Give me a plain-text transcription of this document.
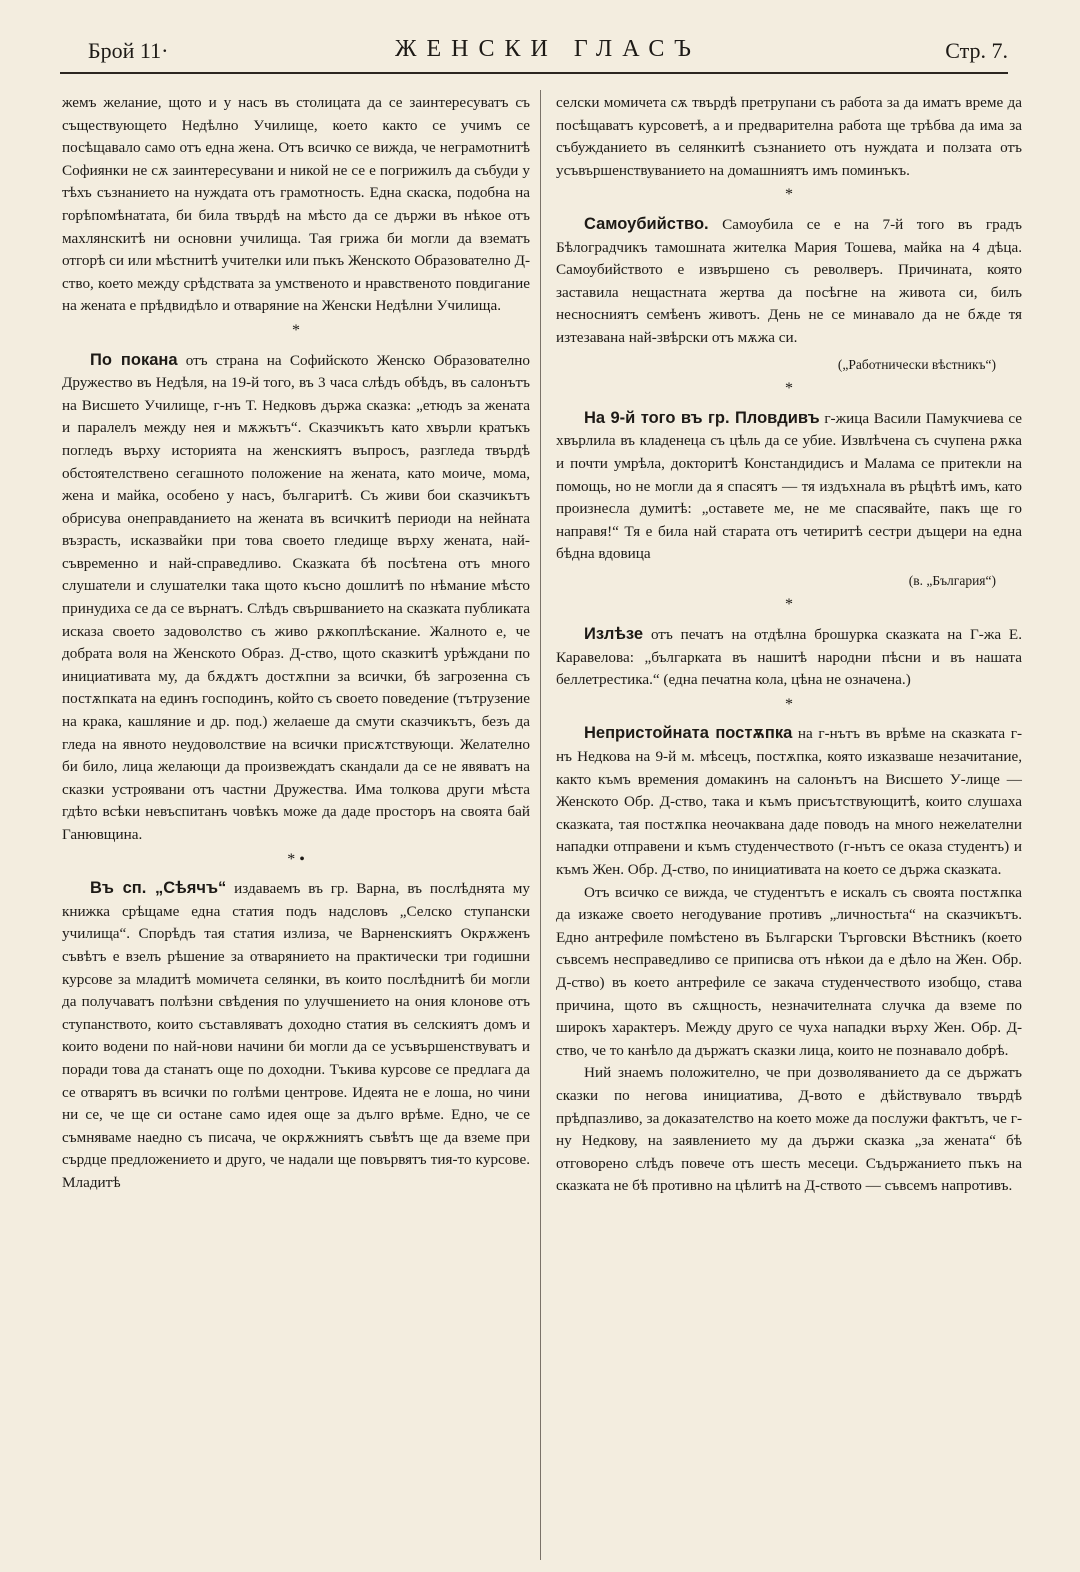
Брой 11·	ЖЕНСКИ ГЛАСЪ	Стр. 7.

жемъ желание, щото и у насъ въ столицата да се заинтересуватъ съ съществующето Недѣлно Училище, което както се учимъ се посѣщавало само отъ една жена. Отъ всичко се вижда, че неграмотнитѣ Софиянки не сѫ заинтересувани и никой не се е погрижилъ да събуди у тѣхъ съзнанието на нуждата отъ грамотность. Една скаска, подобна на горѣпомѣнатата, би била твърдѣ на мѣсто да се държи въ нѣкое отъ махлянскитѣ ни основни училища. Тая грижа би могли да взематъ отгорѣ си или мѣстнитѣ учителки или пъкъ Женското Образователно Д-ство, което между срѣдствата за умственото и нравственото повдигание на жената е прѣдвидѣло и отваряние на Женски Недѣлни Училища.

*

По покана отъ страна на Софийското Женско Образователно Дружество въ Недѣля, на 19-й того, въ 3 часа слѣдъ обѣдъ, въ салонътъ на Висшето Училище, г-нъ Т. Недковъ държа сказка: „етюдъ за жената и паралелъ между нея и мѫжътъ“. Сказчикътъ като хвърли кратъкъ погледъ върху историята на женскиятъ въпросъ, разгледа твърдѣ обстоятелствено сегашното положение на жената, като моиче, мома, жена и майка, особено у насъ, българитѣ. Съ живи бои сказчикътъ обрисува онеправданието на жената въ всичкитѣ периоди на нейната възрасть, исказвайки при това своето гледище върху жената, най-съвременно и най-справедливо. Сказката бѣ посѣтена отъ много слушатели и слушателки така щото късно дошлитѣ по нѣмание мѣсто принудиха се да се върнатъ. Слѣдъ свършванието на сказката публиката исказа своето задоволство съ живо рѫкоплѣскание. Жалното е, че добрата воля на Женското Образ. Д-ство, щото сказкитѣ урѣждани по инициативата му, да бѫдѫтъ достѫпни за всички, бѣ загрозенна съ постѫпката на единъ господинъ, който съ своето поведение (тътрузение на крака, кашляние и др. под.) желаеше да смути сказчикътъ, безъ да гледа на явното неудоволствие на всички присѫтствующи. Желателно би било, лица желающи да произвеждатъ скандали да се не явяватъ на сказки устроявани отъ частни Дружества. Има толкова други мѣста гдѣто всѣки невъспитанъ човѣкъ може да даде просторъ на своята бай Ганювщина.

* •

Въ сп. „Сѣячъ“ издаваемъ въ гр. Варна, въ послѣднята му книжка срѣщаме една статия подъ надсловъ „Селско ступански училища“. Спорѣдъ тая статия излиза, че Варненскиятъ Окрѫженъ съвѣтъ е взелъ рѣшение за отварянието на практически три годишни курсове за младитѣ момичета селянки, въ които послѣднитѣ би могли да получаватъ полѣзни свѣдения по улучшението на ония клонове отъ ступанството, които съставляватъ доходно статия въ селскиятъ домъ и които водени по най-нови начини би могли да се усъвършенствуватъ и поради това да станатъ още по доходни. Тъкива курсове се предлага да се отварятъ въ всички по голѣми центрове. Идеята не е лоша, но чини ни се, че ще си остане само идея още за дълго врѣме. Едно, че се съмняваме наедно съ писача, че окрѫжниятъ съвѣтъ ще да вземе при сърдце предложението и друго, че надали ще повървятъ тия-то курсове. Младитѣ

селски момичета сѫ твърдѣ претрупани съ работа за да иматъ време да посѣщаватъ курсоветѣ, а и предварителна работа ще трѣбва да има за събужданието въ селянкитѣ съзнанието отъ нуждата и ползата отъ усъвършенствуванието на домашниятъ имъ поминъкъ.

*

Самоубийство. Самоубила се е на 7-й того въ градъ Бѣлоградчикъ тамошната жителка Мария Тошева, майка на 4 дѣца. Самоубийството е извършено съ револверъ. Причината, която заставила нещастната жертва да посѣгне на живота си, билъ несносниятъ семѣенъ животъ. День не се минавало да не бѫде тя изтезавана най-звѣрски отъ мѫжа си.

(„Работнически вѣстникъ“)
*

На 9-й того въ гр. Пловдивъ г-жица Васили Памукчиева се хвърлила въ кладенеца съ цѣль да се убие. Извлѣчена съ счупена рѫка и почти умрѣла, докторитѣ Констандидисъ и Малама се притекли на помощь, но не могли да я спасятъ — тя издъхнала въ рѣцѣтѣ имъ, като произнесла думитѣ: „оставете ме, не ме спасявайте, пакъ ще го направя!“ Тя е била най старата отъ четиритѣ сестри дъщери на една бѣдна вдовица

(в. „България“)
*

Излѣзе отъ печатъ на отдѣлна брошурка сказката на Г-жа Е. Каравелова: „българката въ нашитѣ народни пѣсни и въ нашата беллетрестика.“ (една печатна кола, цѣна не означена.)

*

Непристойната постѫпка на г-нътъ въ врѣме на сказката г-нъ Недкова на 9-й м. мѣсецъ, постѫпка, която изказваше незачитание, както къмъ времения домакинъ на салонътъ на Висшето У-лище — Женското Обр. Д-ство, така и къмъ присътствующитѣ, които слушаха сказката, тая постѫпка неочаквана даде поводъ на много нежелателни нападки отправени и къмъ студенчеството (г-нътъ се оказа студентъ) и къмъ Жен. Обр. Д-ство, по инициативата на което се държа сказката.

Отъ всичко се вижда, че студентътъ е искалъ съ своята постѫпка да изкаже своето негодувание противъ „личностьта“ на сказчикътъ. Едно антрефиле помѣстено въ Български Търговски Вѣстникъ (което съвсемъ несправедливо се приписва отъ нѣкои да е дѣло на Жен. Обр. Д-ство) въ което антрефиле се закача студенчеството изобщо, става причина, щото въ сѫщность, незначителната случка да вземе по широкъ характеръ. Между друго се чуха нападки върху Жен. Обр. Д-ство, че то канѣло да държатъ сказки лица, които не познавало добрѣ.

Ний знаемъ положително, че при дозволяванието да се държатъ сказки по негова инициатива, Д-вото е дѣйствувало твърдѣ прѣдпазливо, за доказателство на което може да послужи фактътъ, че г-ну Недкову, на заявлението му да държи сказка „за жената“ бѣ отговорено слѣдъ повече отъ шесть месеци. Съдържанието пъкъ на сказката не бѣ противно на цѣлитѣ на Д-ството — съвсемъ напротивъ.
